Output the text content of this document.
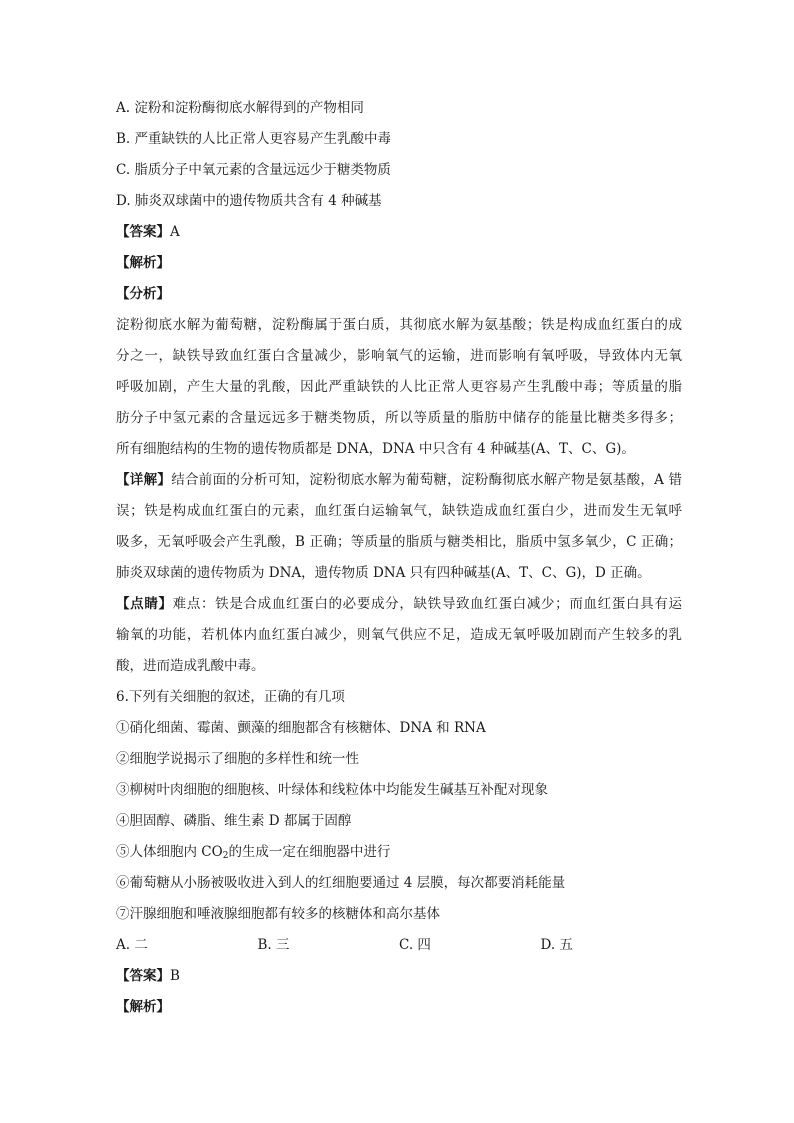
A. 淀粉和淀粉酶彻底水解得到的产物相同
B. 严重缺铁的人比正常人更容易产生乳酸中毒
C. 脂质分子中氧元素的含量远远少于糖类物质
D. 肺炎双球菌中的遗传物质共含有 4 种碱基
【答案】A
【解析】
【分析】
淀粉彻底水解为葡萄糖，淀粉酶属于蛋白质，其彻底水解为氨基酸；铁是构成血红蛋白的成
分之一，缺铁导致血红蛋白含量减少，影响氧气的运输，进而影响有氧呼吸，导致体内无氧
呼吸加剧，产生大量的乳酸，因此严重缺铁的人比正常人更容易产生乳酸中毒；等质量的脂
肪分子中氢元素的含量远远多于糖类物质，所以等质量的脂肪中储存的能量比糖类多得多；
所有细胞结构的生物的遗传物质都是 DNA，DNA 中只含有 4 种碱基(A、T、C、G)。
【详解】结合前面的分析可知，淀粉彻底水解为葡萄糖，淀粉酶彻底水解产物是氨基酸，A 错
误；铁是构成血红蛋白的元素，血红蛋白运输氧气，缺铁造成血红蛋白少，进而发生无氧呼
吸多，无氧呼吸会产生乳酸，B 正确；等质量的脂质与糖类相比，脂质中氢多氧少，C 正确；
肺炎双球菌的遗传物质为 DNA，遗传物质 DNA 只有四种碱基(A、T、C、G)，D 正确。
【点睛】难点：铁是合成血红蛋白的必要成分，缺铁导致血红蛋白减少；而血红蛋白具有运
输氧的功能，若机体内血红蛋白减少，则氧气供应不足，造成无氧呼吸加剧而产生较多的乳
酸，进而造成乳酸中毒。
6.下列有关细胞的叙述，正确的有几项
①硝化细菌、霉菌、颤藻的细胞都含有核糖体、DNA 和 RNA
②细胞学说揭示了细胞的多样性和统一性
③柳树叶肉细胞的细胞核、叶绿体和线粒体中均能发生碱基互补配对现象
④胆固醇、磷脂、维生素 D 都属于固醇
⑤人体细胞内 $CO_2$的生成一定在细胞器中进行
⑥葡萄糖从小肠被吸收进入到人的红细胞要通过 4 层膜，每次都要消耗能量
⑦汗腺细胞和唾液腺细胞都有较多的核糖体和高尔基体
A. 二	B. 三	C. 四	D. 五
【答案】B
【解析】
